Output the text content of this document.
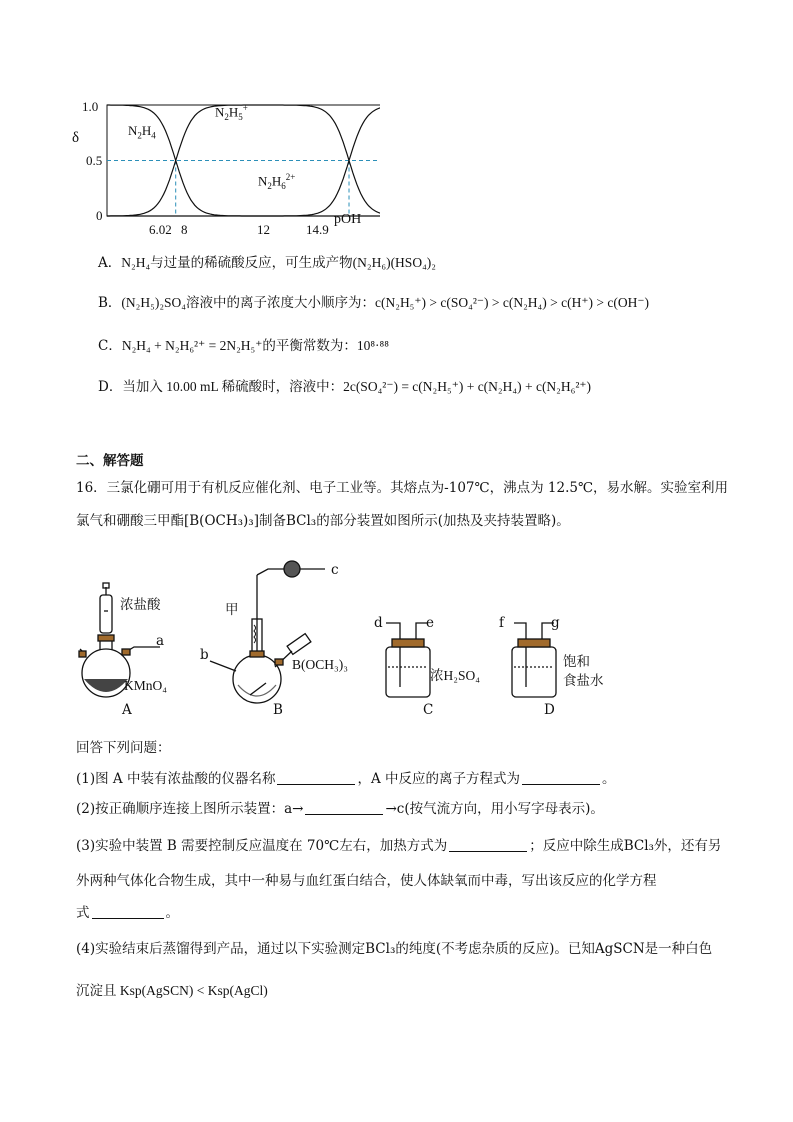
δ
1.0
0.5
0
6.02 8	12	14.9
pOH
$N_2H_4$
$N_2H_5^+$
$N_2H_6^{2+}$
A．N₂H₄与过量的稀硫酸反应，可生成产物(N₂H₆)(HSO₄)₂
B．(N₂H₅)₂SO₄溶液中的离子浓度大小顺序为：c(N₂H₅⁺) > c(SO₄²⁻) > c(N₂H₄) > c(H⁺) > c(OH⁻)
C．N₂H₄ + N₂H₆²⁺ = 2N₂H₅⁺的平衡常数为：10⁸·⁸⁸
D．当加入 10.00 mL 稀硫酸时，溶液中：2c(SO₄²⁻) = c(N₂H₅⁺) + c(N₂H₄) + c(N₂H₆²⁺)
二、解答题
16．三氯化硼可用于有机反应催化剂、电子工业等。其熔点为-107℃，沸点为 12.5℃，易水解。实验室利用
氯气和硼酸三甲酯[B(OCH₃)₃]制备BCl₃的部分装置如图所示(加热及夹持装置略)。
浓盐酸
a
KMnO₄
A
甲
b
c
B(OCH₃)₃
B
d	e
浓H₂SO₄
C
f	g
饱和
食盐水
D
回答下列问题：
(1)图 A 中装有浓盐酸的仪器名称	，A 中反应的离子方程式为	。
(2)按正确顺序连接上图所示装置：a→	→c(按气流方向，用小写字母表示)。
(3)实验中装置 B 需要控制反应温度在 70℃左右，加热方式为	；反应中除生成BCl₃外，还有另
外两种气体化合物生成，其中一种易与血红蛋白结合，使人体缺氧而中毒，写出该反应的化学方程
式	。
(4)实验结束后蒸馏得到产品，通过以下实验测定BCl₃的纯度(不考虑杂质的反应)。已知AgSCN是一种白色
沉淀且 Ksp(AgSCN) < Ksp(AgCl)
